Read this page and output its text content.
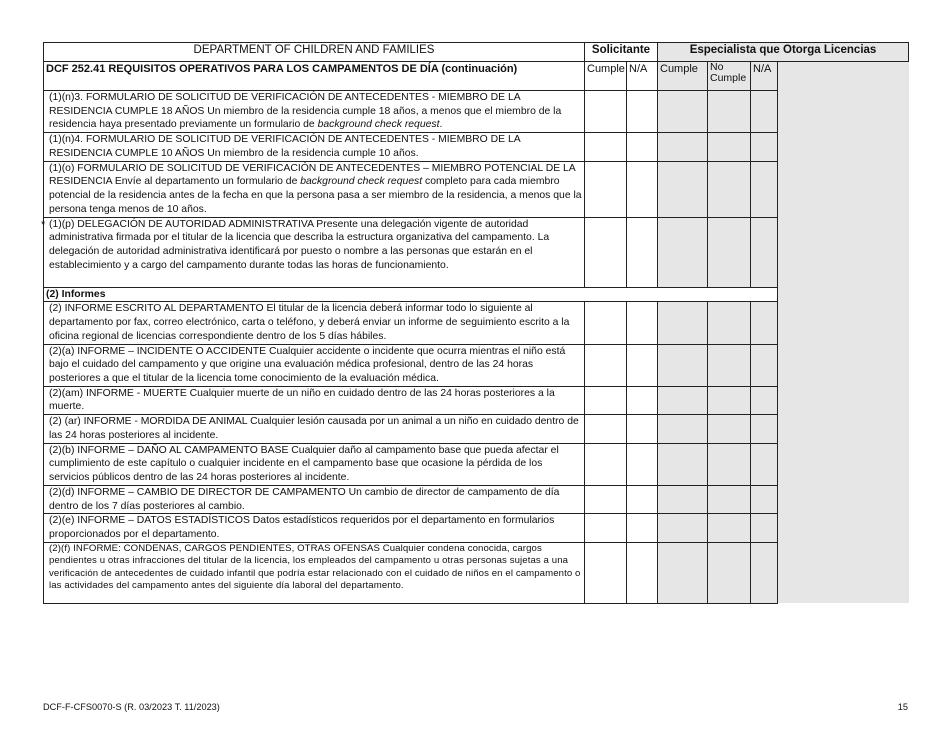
DEPARTMENT OF CHILDREN AND FAMILIES	Solicitante		Especialista que Otorga Licencias			
DCF 252.41 REQUISITOS OPERATIVOS PARA LOS CAMPAMENTOS DE DÍA (continuación)	Cumple	N/A	Cumple	No Cumple	N/A	
(1)(n)3. FORMULARIO DE SOLICITUD DE VERIFICACIÓN DE ANTECEDENTES - MIEMBRO DE LA RESIDENCIA CUMPLE 18 AÑOS Un miembro de la residencia cumple 18 años, a menos que el miembro de la residencia haya presentado previamente un formulario de background check request.						
(1)(n)4. FORMULARIO DE SOLICITUD DE VERIFICACIÓN DE ANTECEDENTES - MIEMBRO DE LA RESIDENCIA CUMPLE 10 AÑOS Un miembro de la residencia cumple 10 años.						
(1)(o) FORMULARIO DE SOLICITUD DE VERIFICACIÓN DE ANTECEDENTES – MIEMBRO POTENCIAL DE LA RESIDENCIA Envíe al departamento un formulario de background check request completo para cada miembro potencial de la residencia antes de la fecha en que la persona pasa a ser miembro de la residencia, a menos que la persona tenga menos de 10 años.						

* (1)(p) DELEGACIÓN DE AUTORIDAD ADMINISTRATIVA Presente una delegación vigente de autoridad administrativa firmada por el titular de la licencia que describa la estructura organizativa del campamento. La delegación de autoridad administrativa identificará por puesto o nombre a las personas que estarán en el establecimiento y a cargo del campamento durante todas las horas de funcionamiento.						
(2) Informes						
(2) INFORME ESCRITO AL DEPARTAMENTO El titular de la licencia deberá informar todo lo siguiente al departamento por fax, correo electrónico, carta o teléfono, y deberá enviar un informe de seguimiento escrito a la oficina regional de licencias correspondiente dentro de los 5 días hábiles.						
(2)(a) INFORME – INCIDENTE O ACCIDENTE Cualquier accidente o incidente que ocurra mientras el niño está bajo el cuidado del campamento y que origine una evaluación médica profesional, dentro de las 24 horas posteriores a que el titular de la licencia tome conocimiento de la evaluación médica.						
(2)(am) INFORME - MUERTE Cualquier muerte de un niño en cuidado dentro de las 24 horas posteriores a la muerte.						
(2) (ar) INFORME - MORDIDA DE ANIMAL Cualquier lesión causada por un animal a un niño en cuidado dentro de las 24 horas posteriores al incidente.						
(2)(b) INFORME – DAÑO AL CAMPAMENTO BASE Cualquier daño al campamento base que pueda afectar el cumplimiento de este capítulo o cualquier incidente en el campamento base que ocasione la pérdida de los servicios públicos dentro de las 24 horas posteriores al incidente.						
(2)(d) INFORME – CAMBIO DE DIRECTOR DE CAMPAMENTO Un cambio de director de campamento de día dentro de los 7 días posteriores al cambio.						
(2)(e) INFORME – DATOS ESTADÍSTICOS Datos estadísticos requeridos por el departamento en formularios proporcionados por el departamento.						
(2)(f) INFORME: CONDENAS, CARGOS PENDIENTES, OTRAS OFENSAS Cualquier condena conocida, cargos pendientes u otras infracciones del titular de la licencia, los empleados del campamento u otras personas sujetas a una verificación de antecedentes de cuidado infantil que podría estar relacionado con el cuidado de niños en el campamento o las actividades del campamento antes del siguiente día laboral del departamento.						
DCF-F-CFS0070-S (R. 03/2023 T. 11/2023)	15
